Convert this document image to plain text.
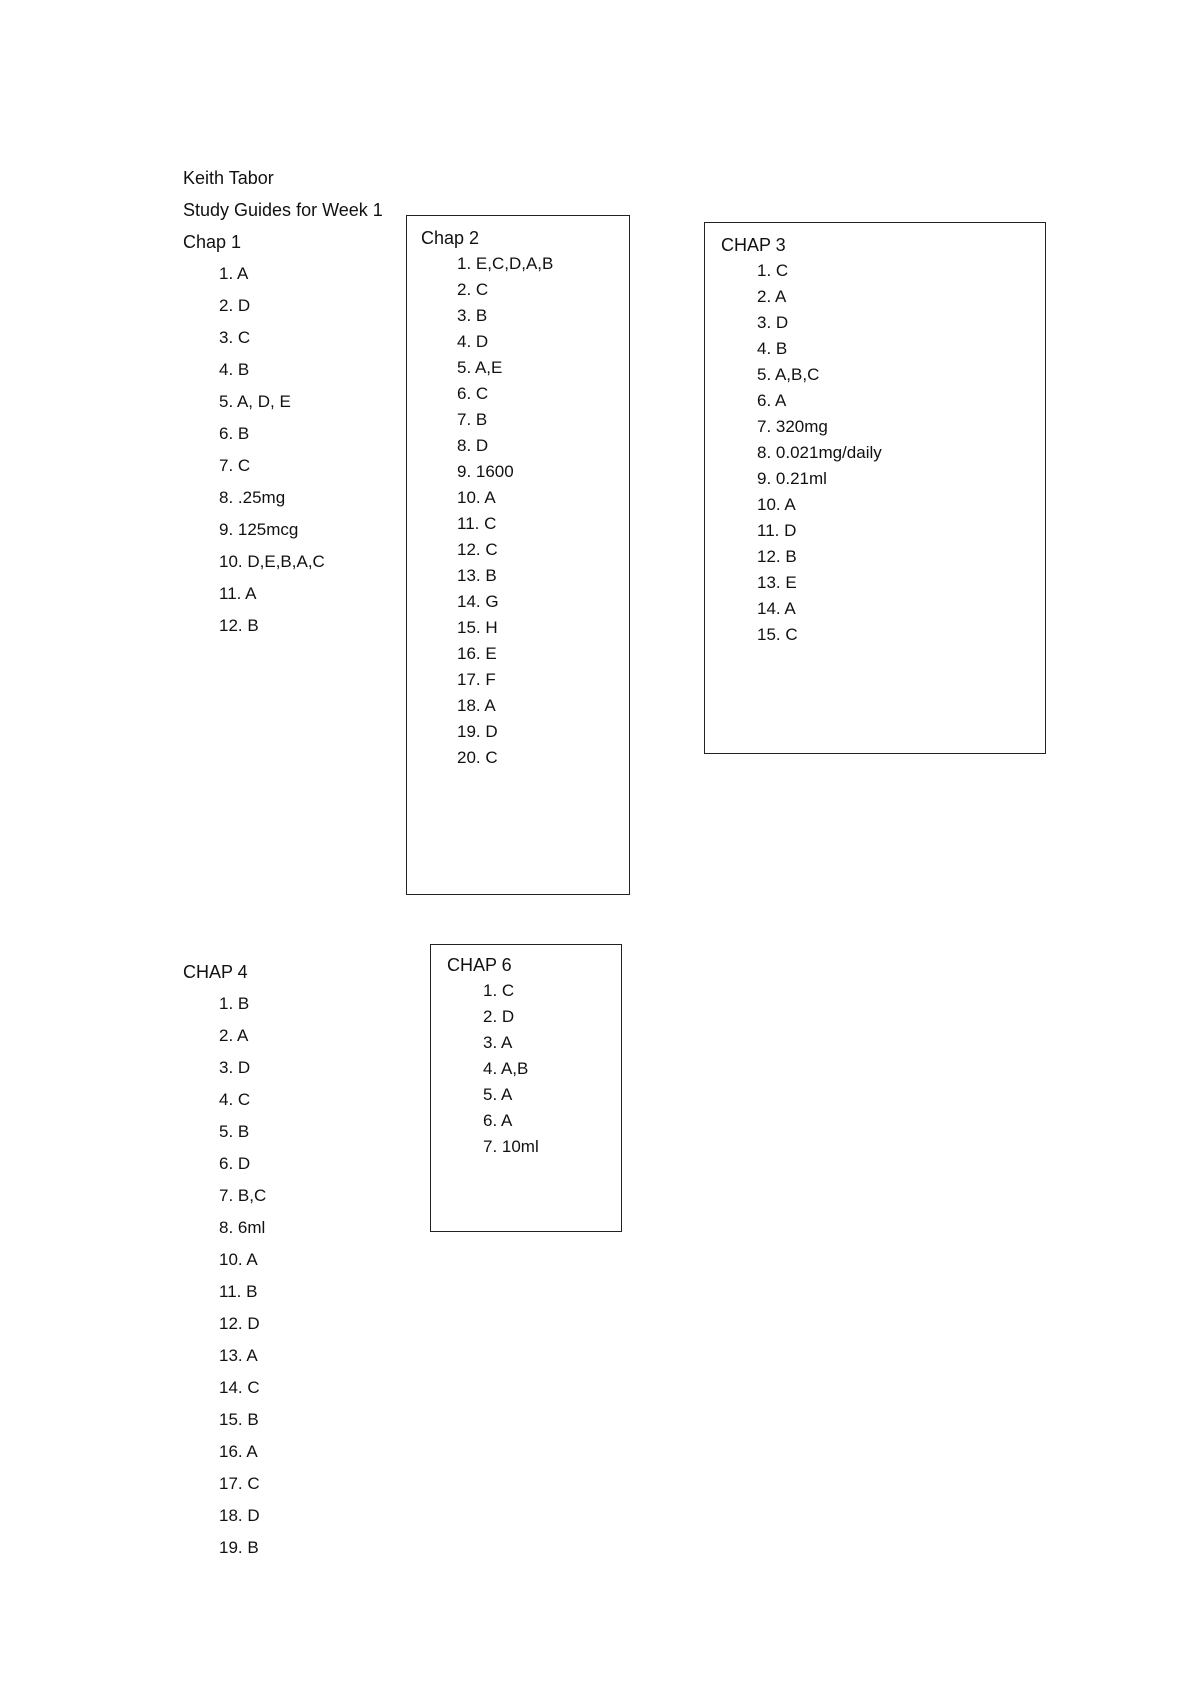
Keith Tabor
Study Guides for Week 1
Chap 1
1. A
2. D
3. C
4. B
5. A, D, E
6. B
7. C
8. .25mg
9. 125mcg
10. D,E,B,A,C
11. A
12. B
Chap 2
1. E,C,D,A,B
2. C
3. B
4. D
5. A,E
6. C
7. B
8. D
9. 1600
10. A
11. C
12. C
13. B
14. G
15. H
16. E
17. F
18. A
19. D
20. C
CHAP 3
1. C
2. A
3. D
4. B
5. A,B,C
6. A
7. 320mg
8. 0.021mg/daily
9. 0.21ml
10. A
11. D
12. B
13. E
14. A
15. C
CHAP 4
1. B
2. A
3. D
4. C
5. B
6. D
7. B,C
8. 6ml
10. A
11. B
12. D
13. A
14. C
15. B
16. A
17. C
18. D
19. B
CHAP 6
1. C
2. D
3. A
4. A,B
5. A
6. A
7. 10ml
